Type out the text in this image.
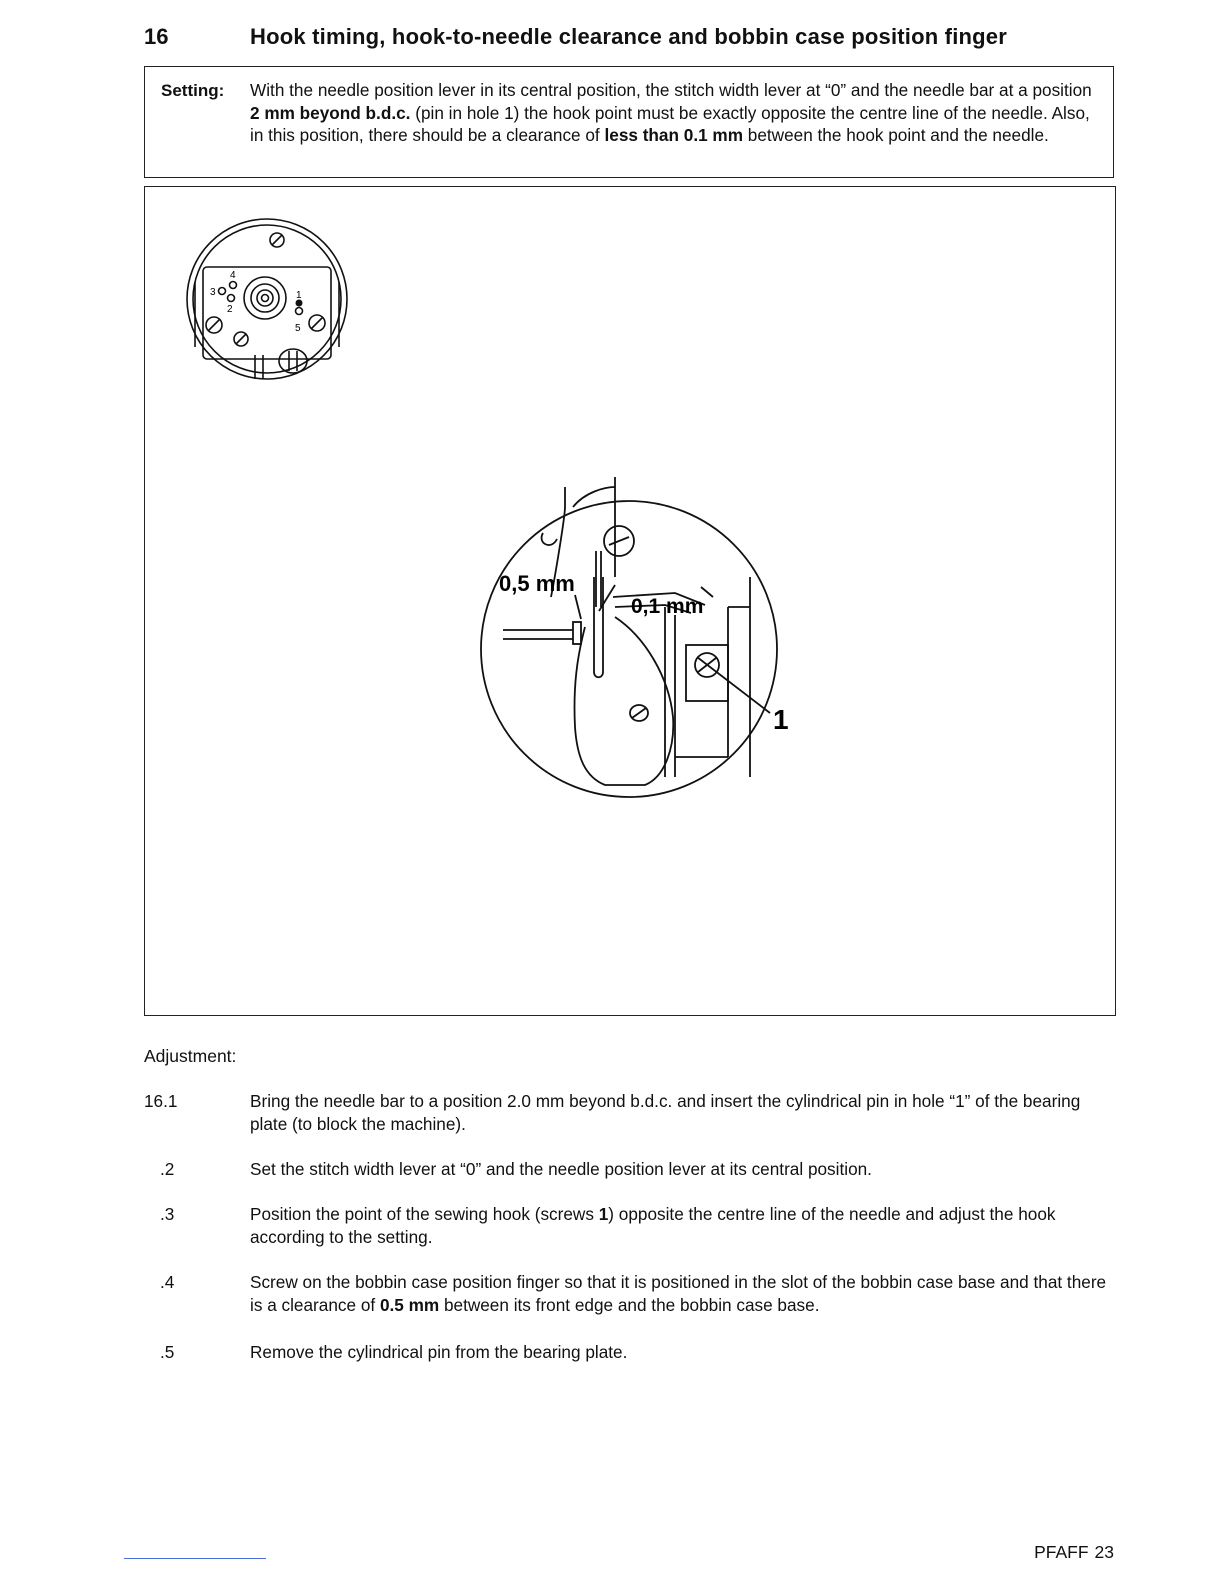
16	Hook timing, hook-to-needle clearance and bobbin case position finger
Setting: With the needle position lever in its central position, the stitch width lever at “0” and the needle bar at a position 2 mm beyond b.d.c. (pin in hole 1) the hook point must be exactly opposite the centre line of the needle. Also, in this position, there should be a clearance of less than 0.1 mm between the hook point and the needle.
4
3
2
1
5
0,5 mm
0,1 mm
1
Adjustment:
16.1	Bring the needle bar to a position 2.0 mm beyond b.d.c. and insert the cylindrical pin in hole “1” of the bearing plate (to block the machine).
.2	Set the stitch width lever at “0” and the needle position lever at its central position.
.3	Position the point of the sewing hook (screws 1) opposite the centre line of the needle and adjust the hook according to the setting.
.4	Screw on the bobbin case position finger so that it is positioned in the slot of the bobbin case base and that there is a clearance of 0.5 mm between its front edge and the bobbin case base.
.5	Remove the cylindrical pin from the bearing plate.
PFAFF 23
